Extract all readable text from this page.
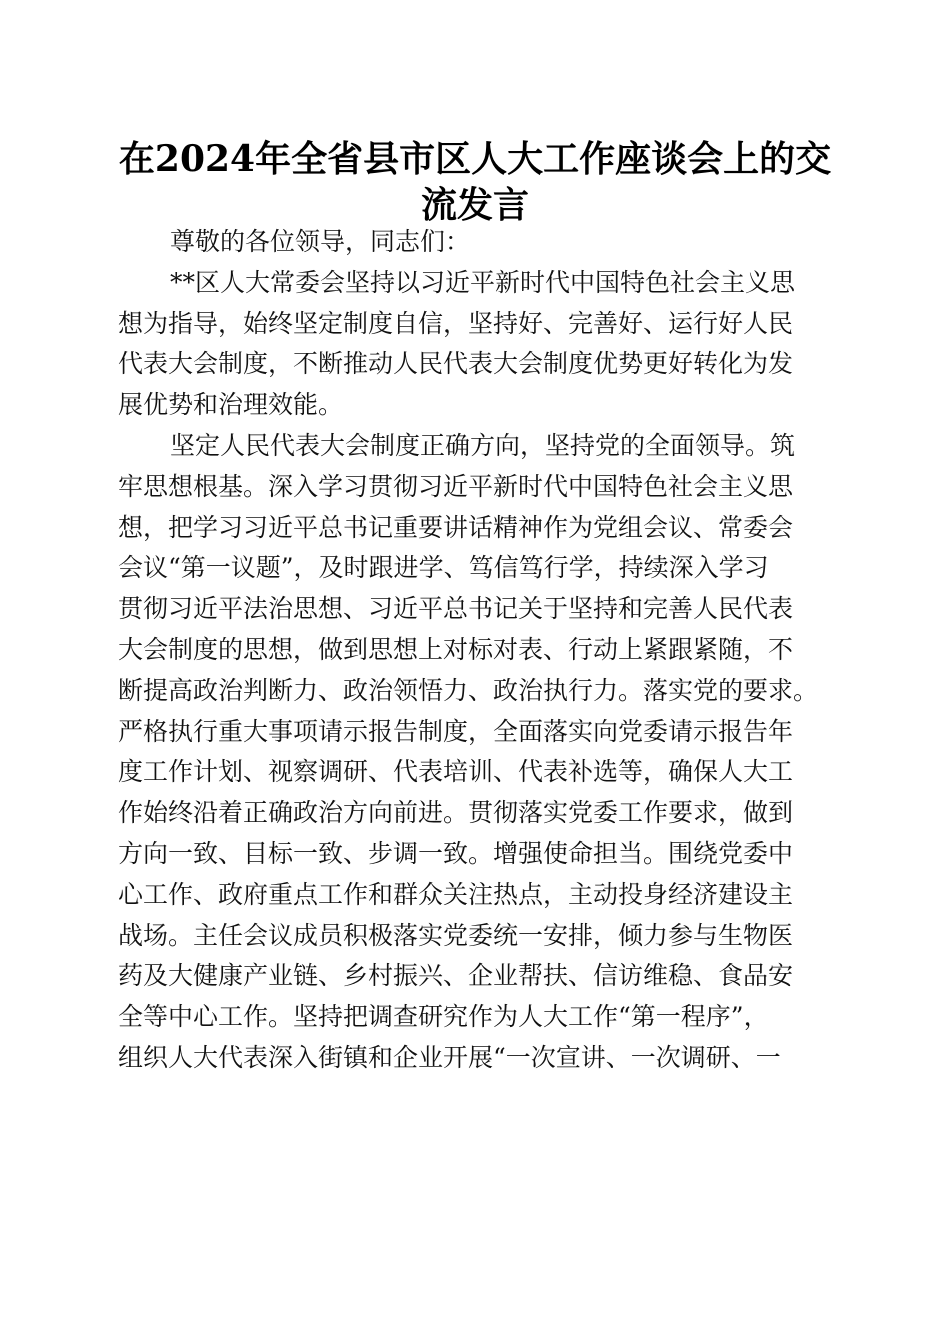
在2024年全省县市区人大工作座谈会上的交流发言

尊敬的各位领导，同志们：

**区人大常委会坚持以习近平新时代中国特色社会主义思
想为指导，始终坚定制度自信，坚持好、完善好、运行好人民
代表大会制度，不断推动人民代表大会制度优势更好转化为发
展优势和治理效能。

坚定人民代表大会制度正确方向，坚持党的全面领导。筑
牢思想根基。深入学习贯彻习近平新时代中国特色社会主义思
想，把学习习近平总书记重要讲话精神作为党组会议、常委会
会议“第一议题”，及时跟进学、笃信笃行学，持续深入学习
贯彻习近平法治思想、习近平总书记关于坚持和完善人民代表
大会制度的思想，做到思想上对标对表、行动上紧跟紧随，不
断提高政治判断力、政治领悟力、政治执行力。落实党的要求。
严格执行重大事项请示报告制度，全面落实向党委请示报告年
度工作计划、视察调研、代表培训、代表补选等，确保人大工
作始终沿着正确政治方向前进。贯彻落实党委工作要求，做到
方向一致、目标一致、步调一致。增强使命担当。围绕党委中
心工作、政府重点工作和群众关注热点，主动投身经济建设主
战场。主任会议成员积极落实党委统一安排，倾力参与生物医
药及大健康产业链、乡村振兴、企业帮扶、信访维稳、食品安
全等中心工作。坚持把调查研究作为人大工作“第一程序”，
组织人大代表深入街镇和企业开展“一次宣讲、一次调研、一
